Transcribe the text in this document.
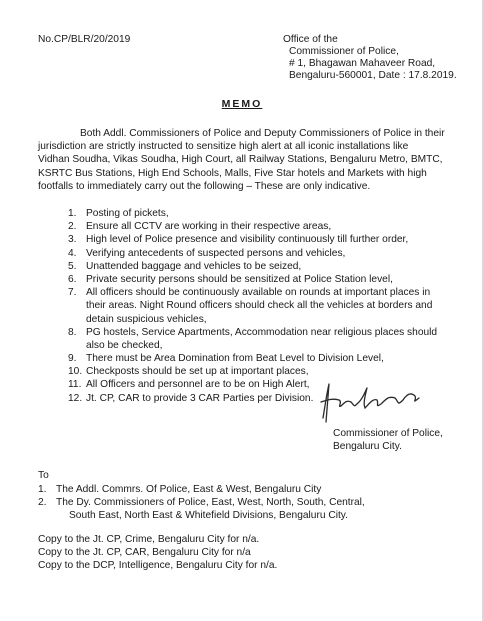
No.CP/BLR/20/2019	Office of the
Commissioner of Police,
# 1, Bhagawan Mahaveer Road,
Bengaluru-560001, Date : 17.8.2019.
MEMO
Both Addl. Commissioners of Police and Deputy Commissioners of Police in their
jurisdiction are strictly instructed to sensitize high alert at all iconic installations like
Vidhan Soudha, Vikas Soudha, High Court, all Railway Stations, Bengaluru Metro, BMTC,
KSRTC Bus Stations, High End Schools, Malls, Five Star hotels and Markets with high
footfalls to immediately carry out the following – These are only indicative.
1. Posting of pickets,
2. Ensure all CCTV are working in their respective areas,
3. High level of Police presence and visibility continuously till further order,
4. Verifying antecedents of suspected persons and vehicles,
5. Unattended baggage and vehicles to be seized,
6. Private security persons should be sensitized at Police Station level,
7. All officers should be continuously available on rounds at important places in
their areas. Night Round officers should check all the vehicles at borders and
detain suspicious vehicles,
8. PG hostels, Service Apartments, Accommodation near religious places should
also be checked,
9. There must be Area Domination from Beat Level to Division Level,
10. Checkposts should be set up at important places,
11. All Officers and personnel are to be on High Alert,
12. Jt. CP, CAR to provide 3 CAR Parties per Division.
Commissioner of Police,
Bengaluru City.
To
1. The Addl. Commrs. Of Police, East & West, Bengaluru City
2. The Dy. Commissioners of Police, East, West, North, South, Central,
South East, North East & Whitefield Divisions, Bengaluru City.
Copy to the Jt. CP, Crime, Bengaluru City for n/a.
Copy to the Jt. CP, CAR, Bengaluru City for n/a
Copy to the DCP, Intelligence, Bengaluru City for n/a.
